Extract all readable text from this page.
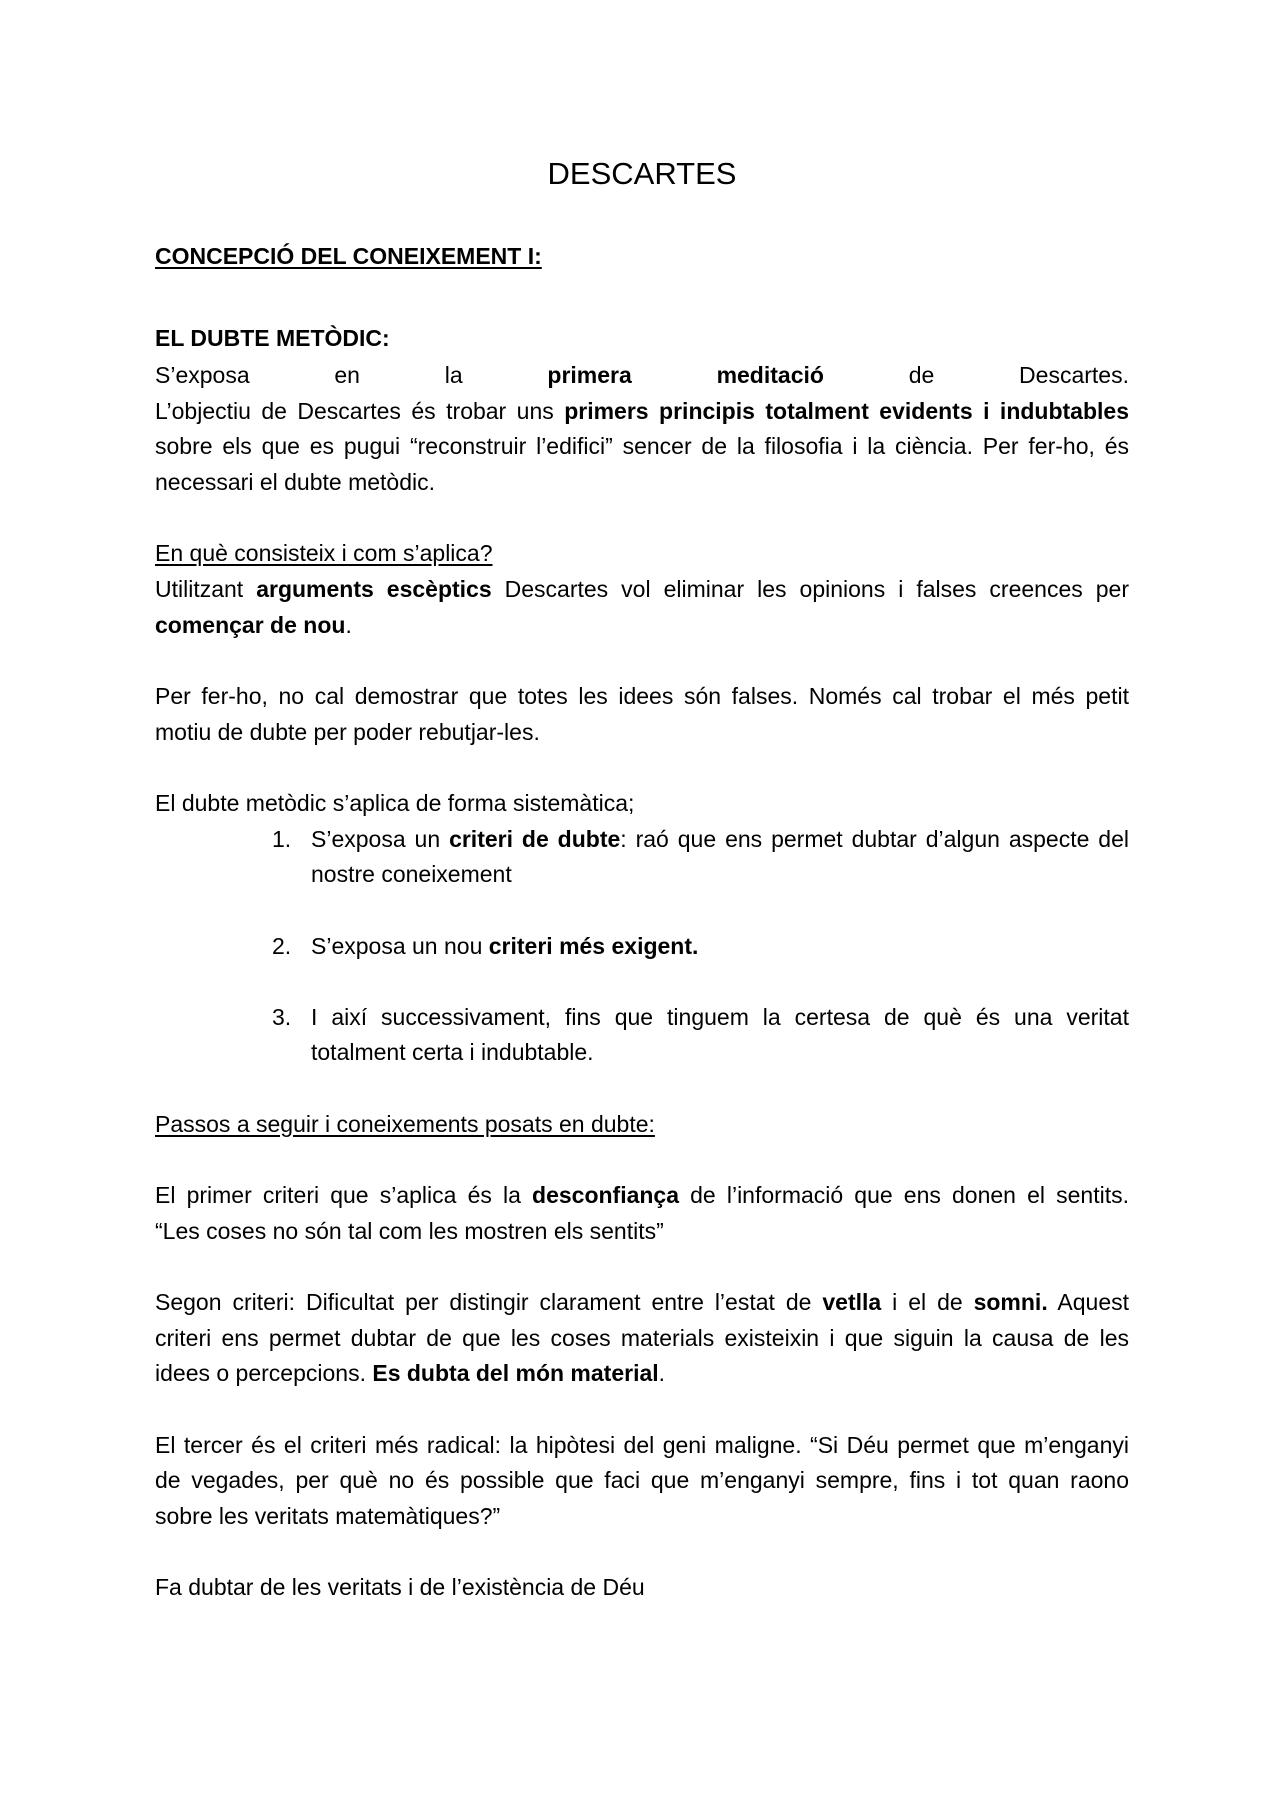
DESCARTES
CONCEPCIÓ DEL CONEIXEMENT I:
EL DUBTE METÒDIC:
S’exposa en la primera meditació de Descartes.
L’objectiu de Descartes és trobar uns primers principis totalment evidents i indubtables
sobre els que es pugui “reconstruir l’edifici” sencer de la filosofia i la ciència. Per fer-ho, és
necessari el dubte metòdic.
En què consisteix i com s’aplica?
Utilitzant arguments escèptics Descartes vol eliminar les opinions i falses creences per
començar de nou.
Per fer-ho, no cal demostrar que totes les idees són falses. Només cal trobar el més petit
motiu de dubte per poder rebutjar-les.
El dubte metòdic s’aplica de forma sistemàtica;
1. S’exposa un criteri de dubte: raó que ens permet dubtar d’algun aspecte del
nostre coneixement
2. S’exposa un nou criteri més exigent.
3. I així successivament, fins que tinguem la certesa de què és una veritat
totalment certa i indubtable.
Passos a seguir i coneixements posats en dubte:
El primer criteri que s’aplica és la desconfiança de l’informació que ens donen el sentits.
“Les coses no són tal com les mostren els sentits”
Segon criteri: Dificultat per distingir clarament entre l’estat de vetlla i el de somni. Aquest
criteri ens permet dubtar de que les coses materials existeixin i que siguin la causa de les
idees o percepcions. Es dubta del món material.
El tercer és el criteri més radical: la hipòtesi del geni maligne. “Si Déu permet que m’enganyi
de vegades, per què no és possible que faci que m’enganyi sempre, fins i tot quan raono
sobre les veritats matemàtiques?”
Fa dubtar de les veritats i de l’existència de Déu
